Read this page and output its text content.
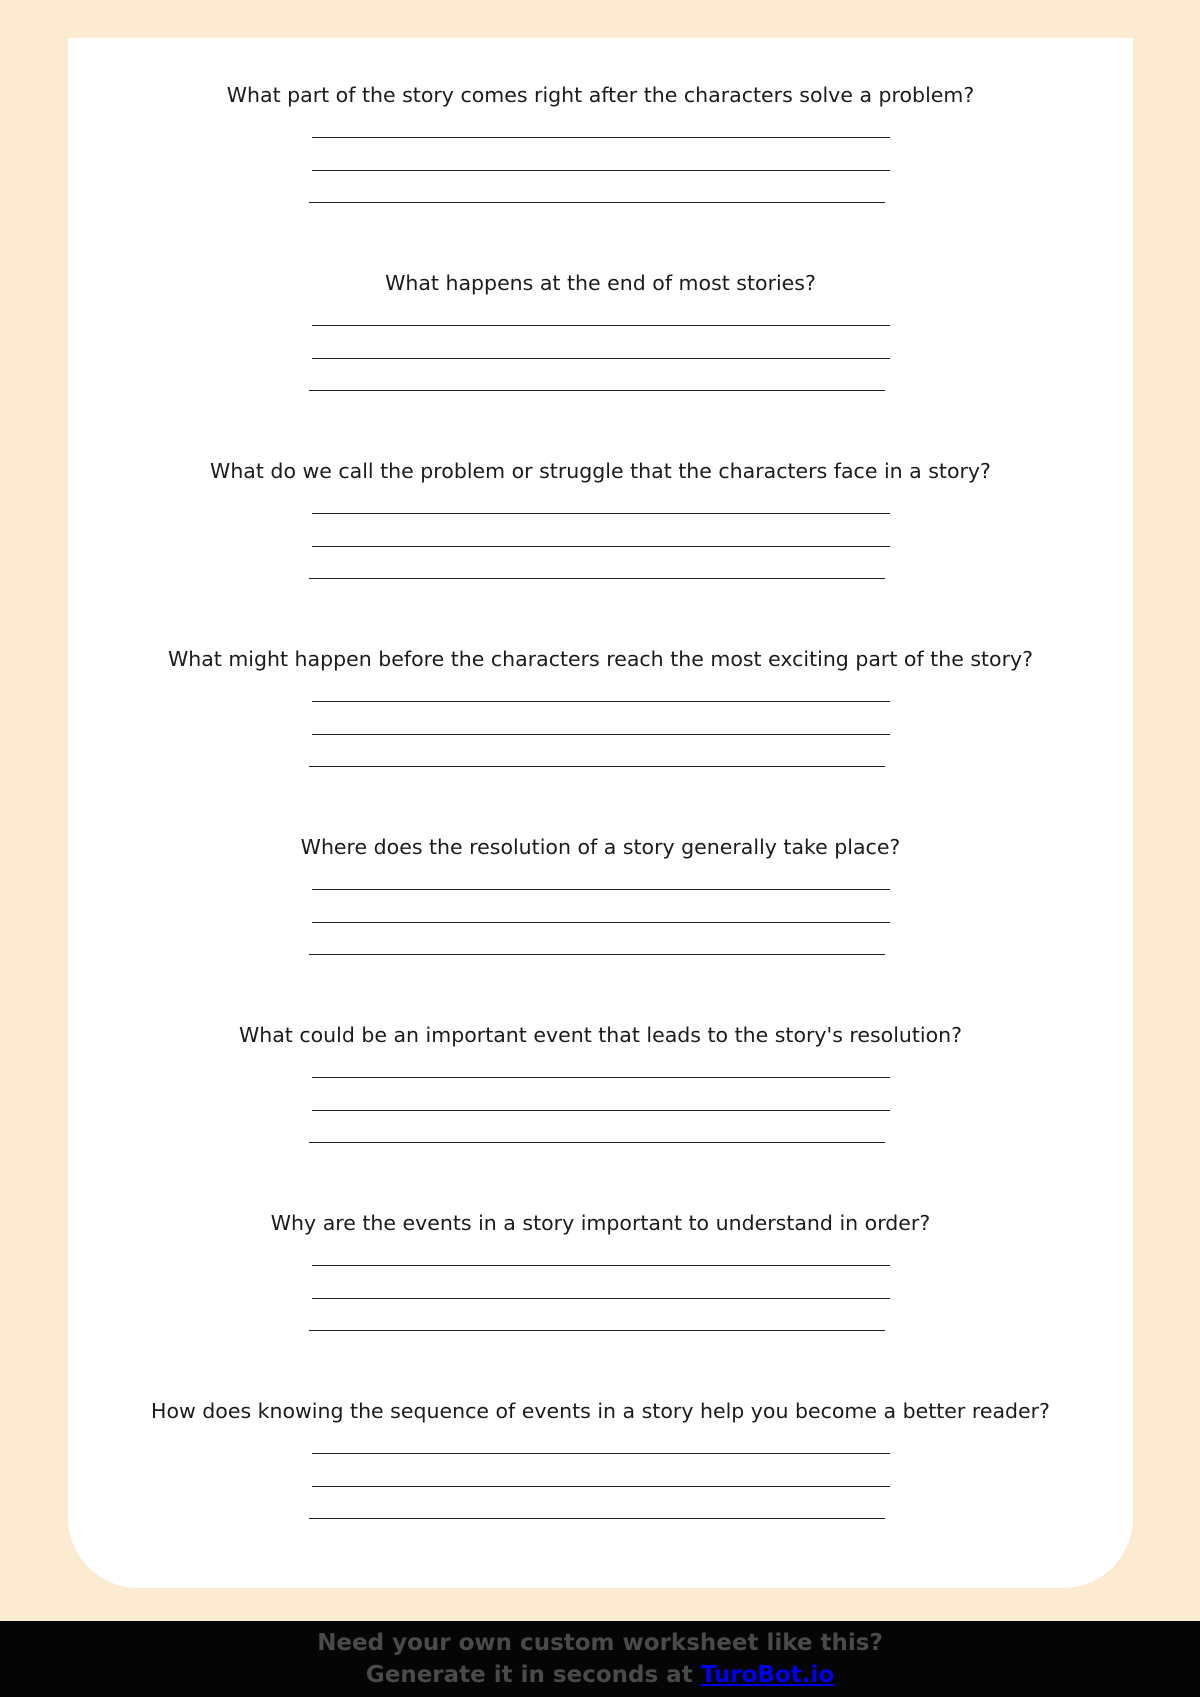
What part of the story comes right after the characters solve a problem?
What happens at the end of most stories?
What do we call the problem or struggle that the characters face in a story?
What might happen before the characters reach the most exciting part of the story?
Where does the resolution of a story generally take place?
What could be an important event that leads to the story's resolution?
Why are the events in a story important to understand in order?
How does knowing the sequence of events in a story help you become a better reader?
Need your own custom worksheet like this?
Generate it in seconds at TuroBot.io
